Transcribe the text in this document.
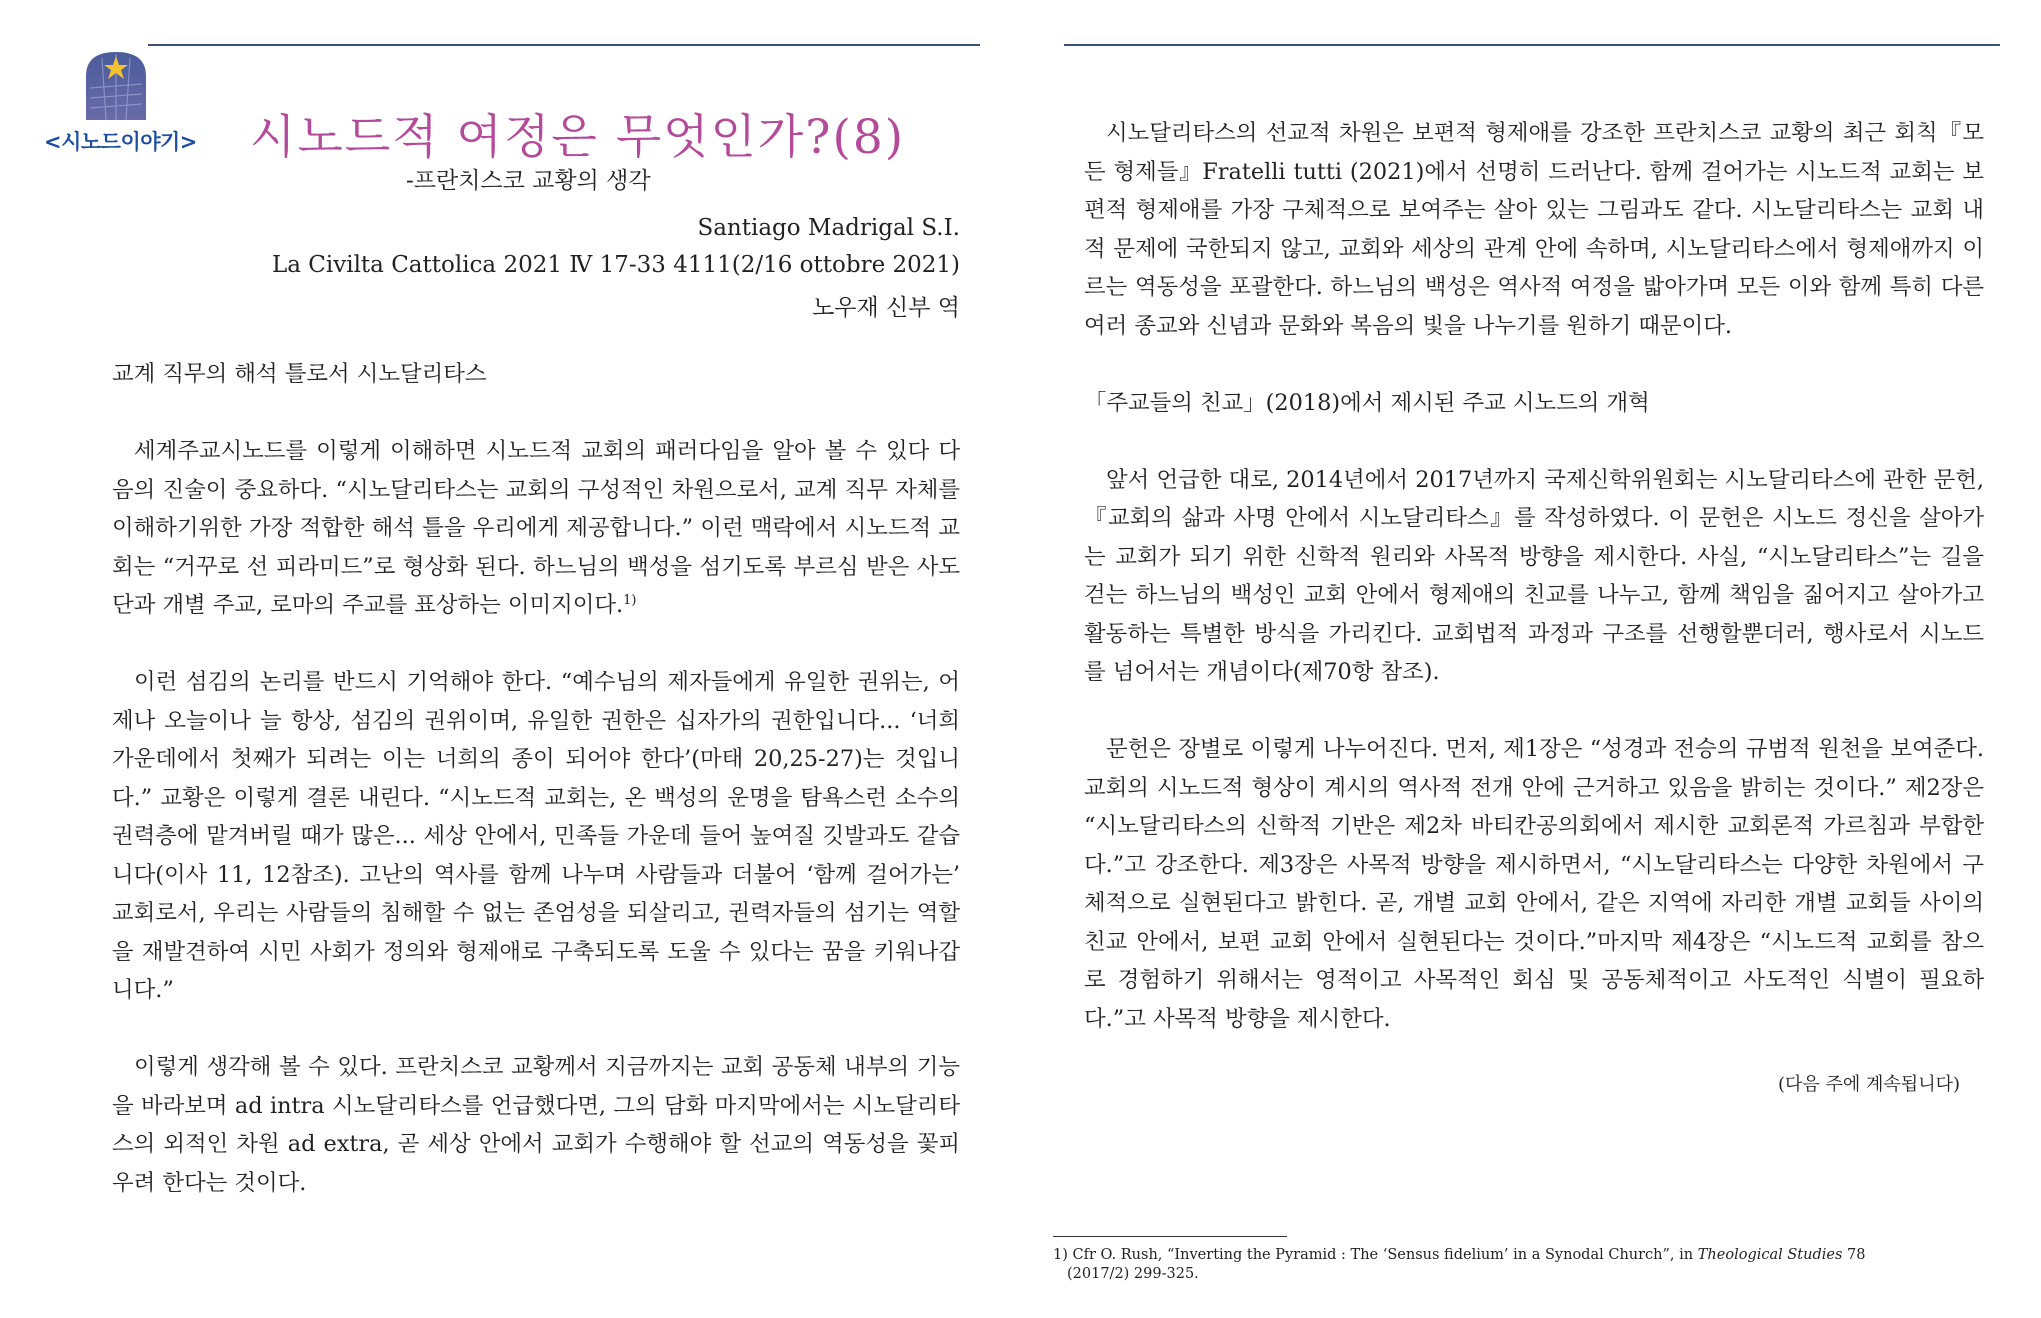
<시노드이야기> 시노드적 여정은 무엇인가?(8)
-프란치스코 교황의 생각
Santiago Madrigal S.I.
La Civilta Cattolica 2021 Ⅳ 17-33 4111(2/16 ottobre 2021)
노우재 신부 역

교계 직무의 해석 틀로서 시노달리타스

세계주교시노드를 이렇게 이해하면 시노드적 교회의 패러다임을 알아 볼 수 있다 다음의 진술이 중요하다. “시노달리타스는 교회의 구성적인 차원으로서, 교계 직무 자체를 이해하기위한 가장 적합한 해석 틀을 우리에게 제공합니다.” 이런 맥락에서 시노드적 교회는 “거꾸로 선 피라미드”로 형상화 된다. 하느님의 백성을 섬기도록 부르심 받은 사도단과 개별 주교, 로마의 주교를 표상하는 이미지이다.$^{1)}$

이런 섬김의 논리를 반드시 기억해야 한다. “예수님의 제자들에게 유일한 권위는, 어제나 오늘이나 늘 항상, 섬김의 권위이며, 유일한 권한은 십자가의 권한입니다... ‘너희 가운데에서 첫째가 되려는 이는 너희의 종이 되어야 한다’(마태 20,25-27)는 것입니다.” 교황은 이렇게 결론 내린다. “시노드적 교회는, 온 백성의 운명을 탐욕스런 소수의 권력층에 맡겨버릴 때가 많은... 세상 안에서, 민족들 가운데 들어 높여질 깃발과도 같습니다(이사 11, 12참조). 고난의 역사를 함께 나누며 사람들과 더불어 ‘함께 걸어가는’ 교회로서, 우리는 사람들의 침해할 수 없는 존엄성을 되살리고, 권력자들의 섬기는 역할을 재발견하여 시민 사회가 정의와 형제애로 구축되도록 도울 수 있다는 꿈을 키워나갑니다.”

이렇게 생각해 볼 수 있다. 프란치스코 교황께서 지금까지는 교회 공동체 내부의 기능을 바라보며 ad intra 시노달리타스를 언급했다면, 그의 담화 마지막에서는 시노달리타스의 외적인 차원 ad extra, 곧 세상 안에서 교회가 수행해야 할 선교의 역동성을 꽃피우려 한다는 것이다.

시노달리타스의 선교적 차원은 보편적 형제애를 강조한 프란치스코 교황의 최근 회칙『모든 형제들』Fratelli tutti (2021)에서 선명히 드러난다. 함께 걸어가는 시노드적 교회는 보편적 형제애를 가장 구체적으로 보여주는 살아 있는 그림과도 같다. 시노달리타스는 교회 내적 문제에 국한되지 않고, 교회와 세상의 관계 안에 속하며, 시노달리타스에서 형제애까지 이르는 역동성을 포괄한다. 하느님의 백성은 역사적 여정을 밟아가며 모든 이와 함께 특히 다른 여러 종교와 신념과 문화와 복음의 빛을 나누기를 원하기 때문이다.

「주교들의 친교」(2018)에서 제시된 주교 시노드의 개혁

앞서 언급한 대로, 2014년에서 2017년까지 국제신학위원회는 시노달리타스에 관한 문헌,『교회의 삶과 사명 안에서 시노달리타스』를 작성하였다. 이 문헌은 시노드 정신을 살아가는 교회가 되기 위한 신학적 원리와 사목적 방향을 제시한다. 사실, “시노달리타스”는 길을 걷는 하느님의 백성인 교회 안에서 형제애의 친교를 나누고, 함께 책임을 짊어지고 살아가고 활동하는 특별한 방식을 가리킨다. 교회법적 과정과 구조를 선행할뿐더러, 행사로서 시노드를 넘어서는 개념이다(제70항 참조).

문헌은 장별로 이렇게 나누어진다. 먼저, 제1장은 “성경과 전승의 규범적 원천을 보여준다. 교회의 시노드적 형상이 계시의 역사적 전개 안에 근거하고 있음을 밝히는 것이다.” 제2장은 “시노달리타스의 신학적 기반은 제2차 바티칸공의회에서 제시한 교회론적 가르침과 부합한다.”고 강조한다. 제3장은 사목적 방향을 제시하면서, “시노달리타스는 다양한 차원에서 구체적으로 실현된다고 밝힌다. 곧, 개별 교회 안에서, 같은 지역에 자리한 개별 교회들 사이의 친교 안에서, 보편 교회 안에서 실현된다는 것이다.”마지막 제4장은 “시노드적 교회를 참으로 경험하기 위해서는 영적이고 사목적인 회심 및 공동체적이고 사도적인 식별이 필요하다.”고 사목적 방향을 제시한다.

(다음 주에 계속됩니다)
1) Cfr O. Rush, “Inverting the Pyramid : The ‘Sensus fidelium’ in a Synodal Church”, in Theological Studies 78
(2017/2) 299-325.
